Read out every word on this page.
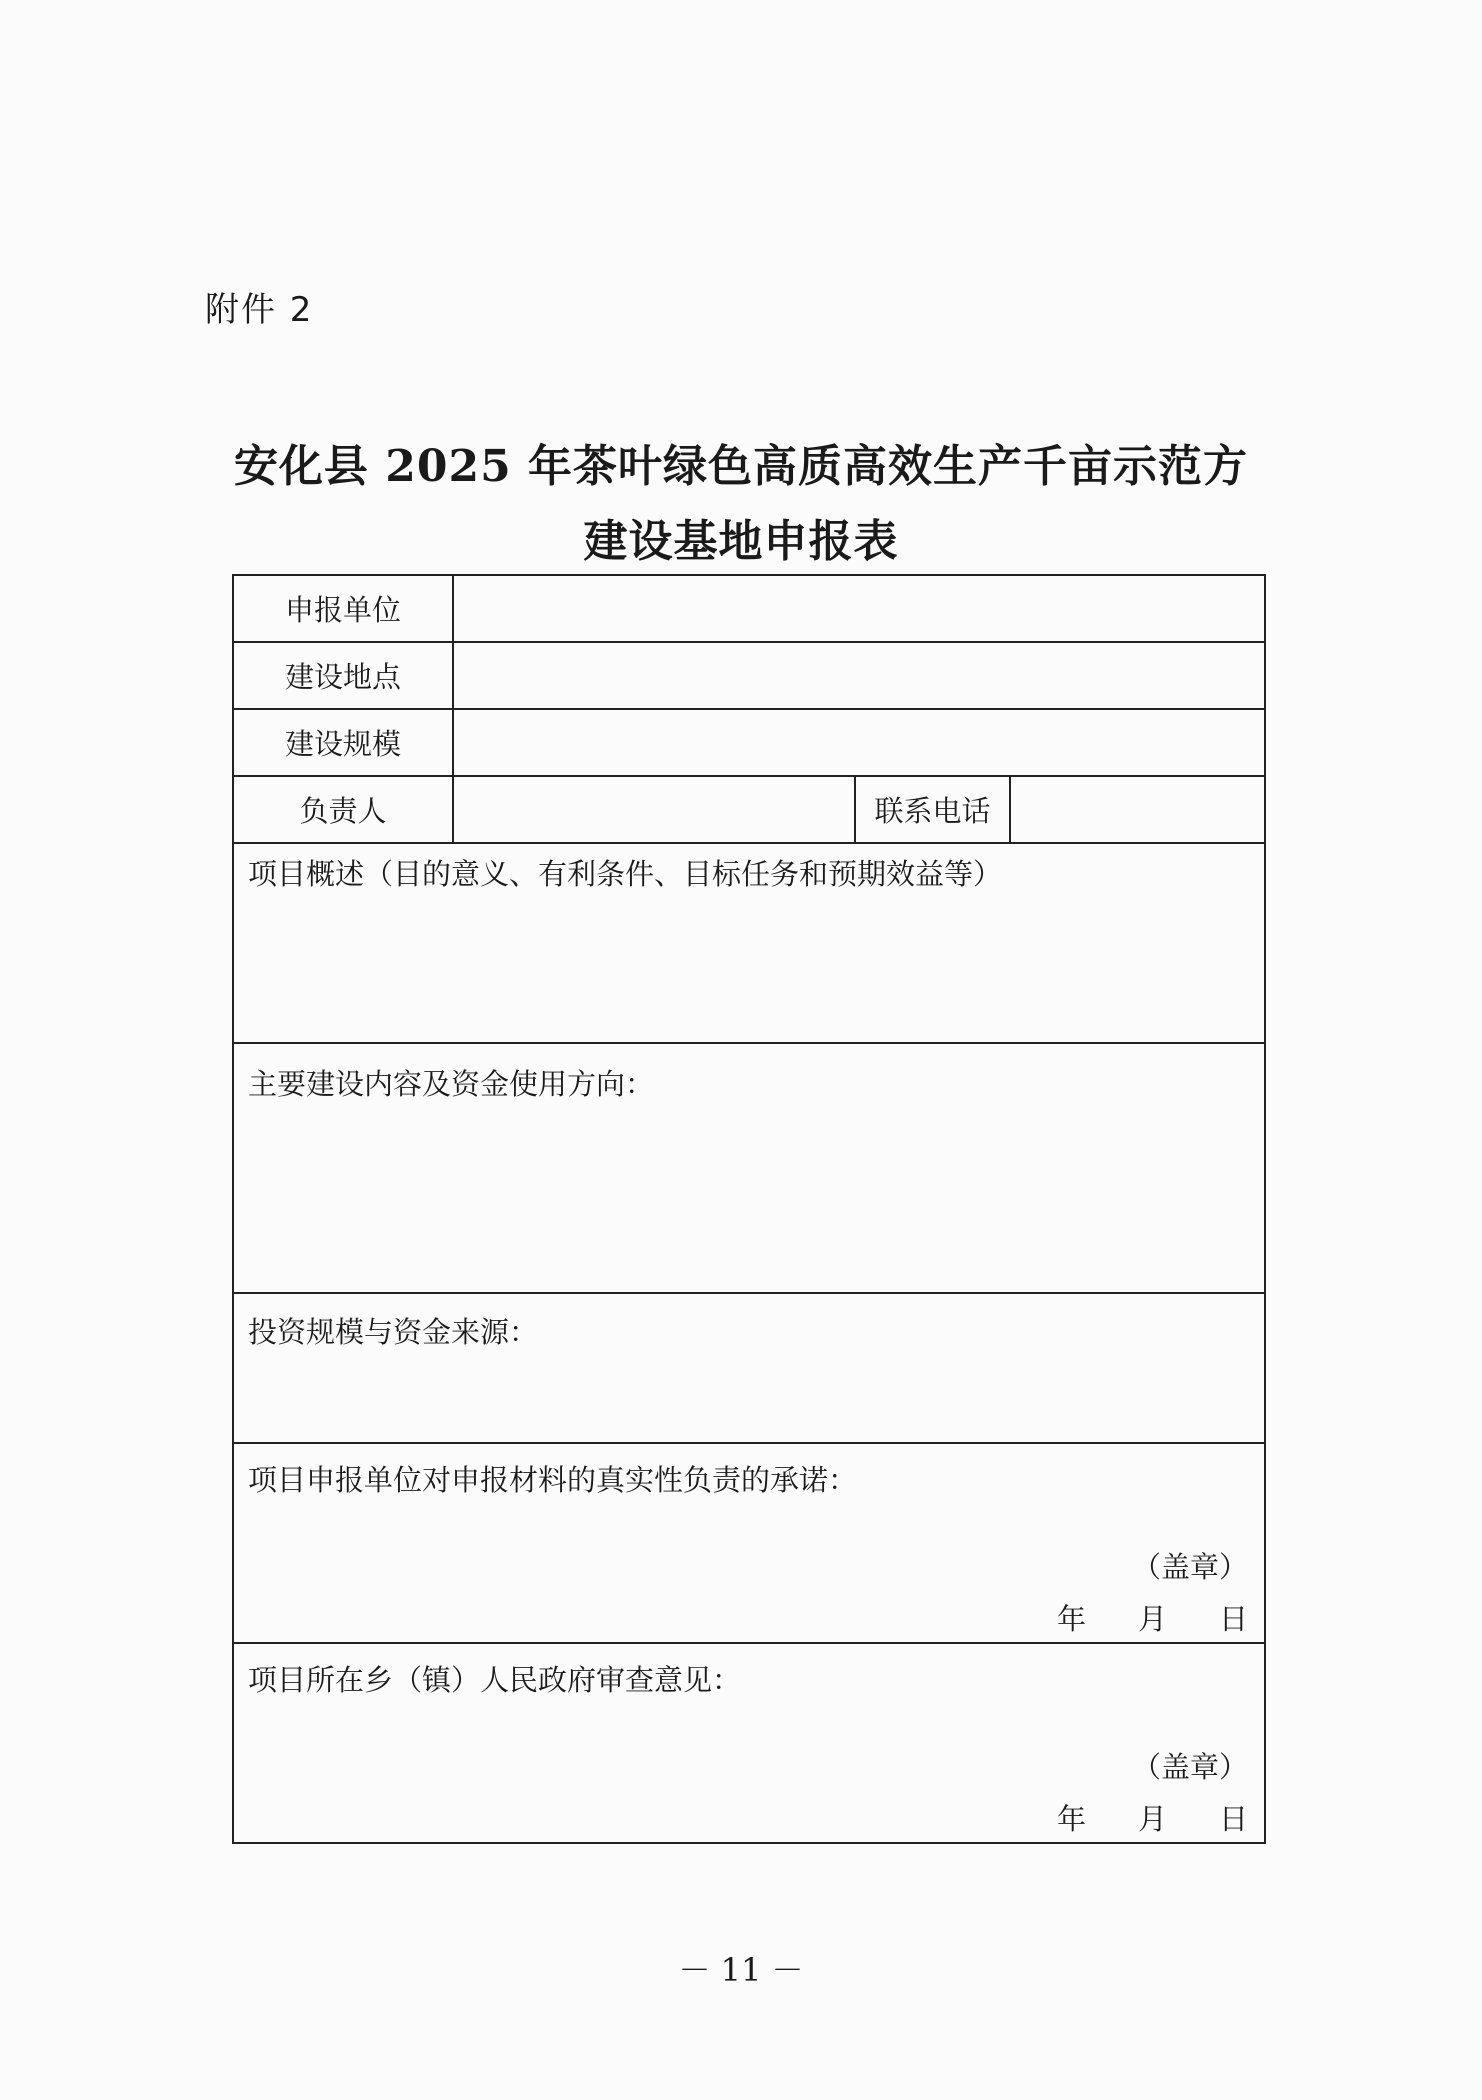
附件 2
安化县 2025 年茶叶绿色高质高效生产千亩示范方
建设基地申报表
申报单位			
建设地点			
建设规模			
负责人		联系电话	

项目概述（目的意义、有利条件、目标任务和预期效益等）			

主要建设内容及资金使用方向：			

投资规模与资金来源：			

项目申报单位对申报材料的真实性负责的承诺：
（盖章）
年 月 日			

项目所在乡（镇）人民政府审查意见：
（盖章）
年 月 日			
－ 11 －
